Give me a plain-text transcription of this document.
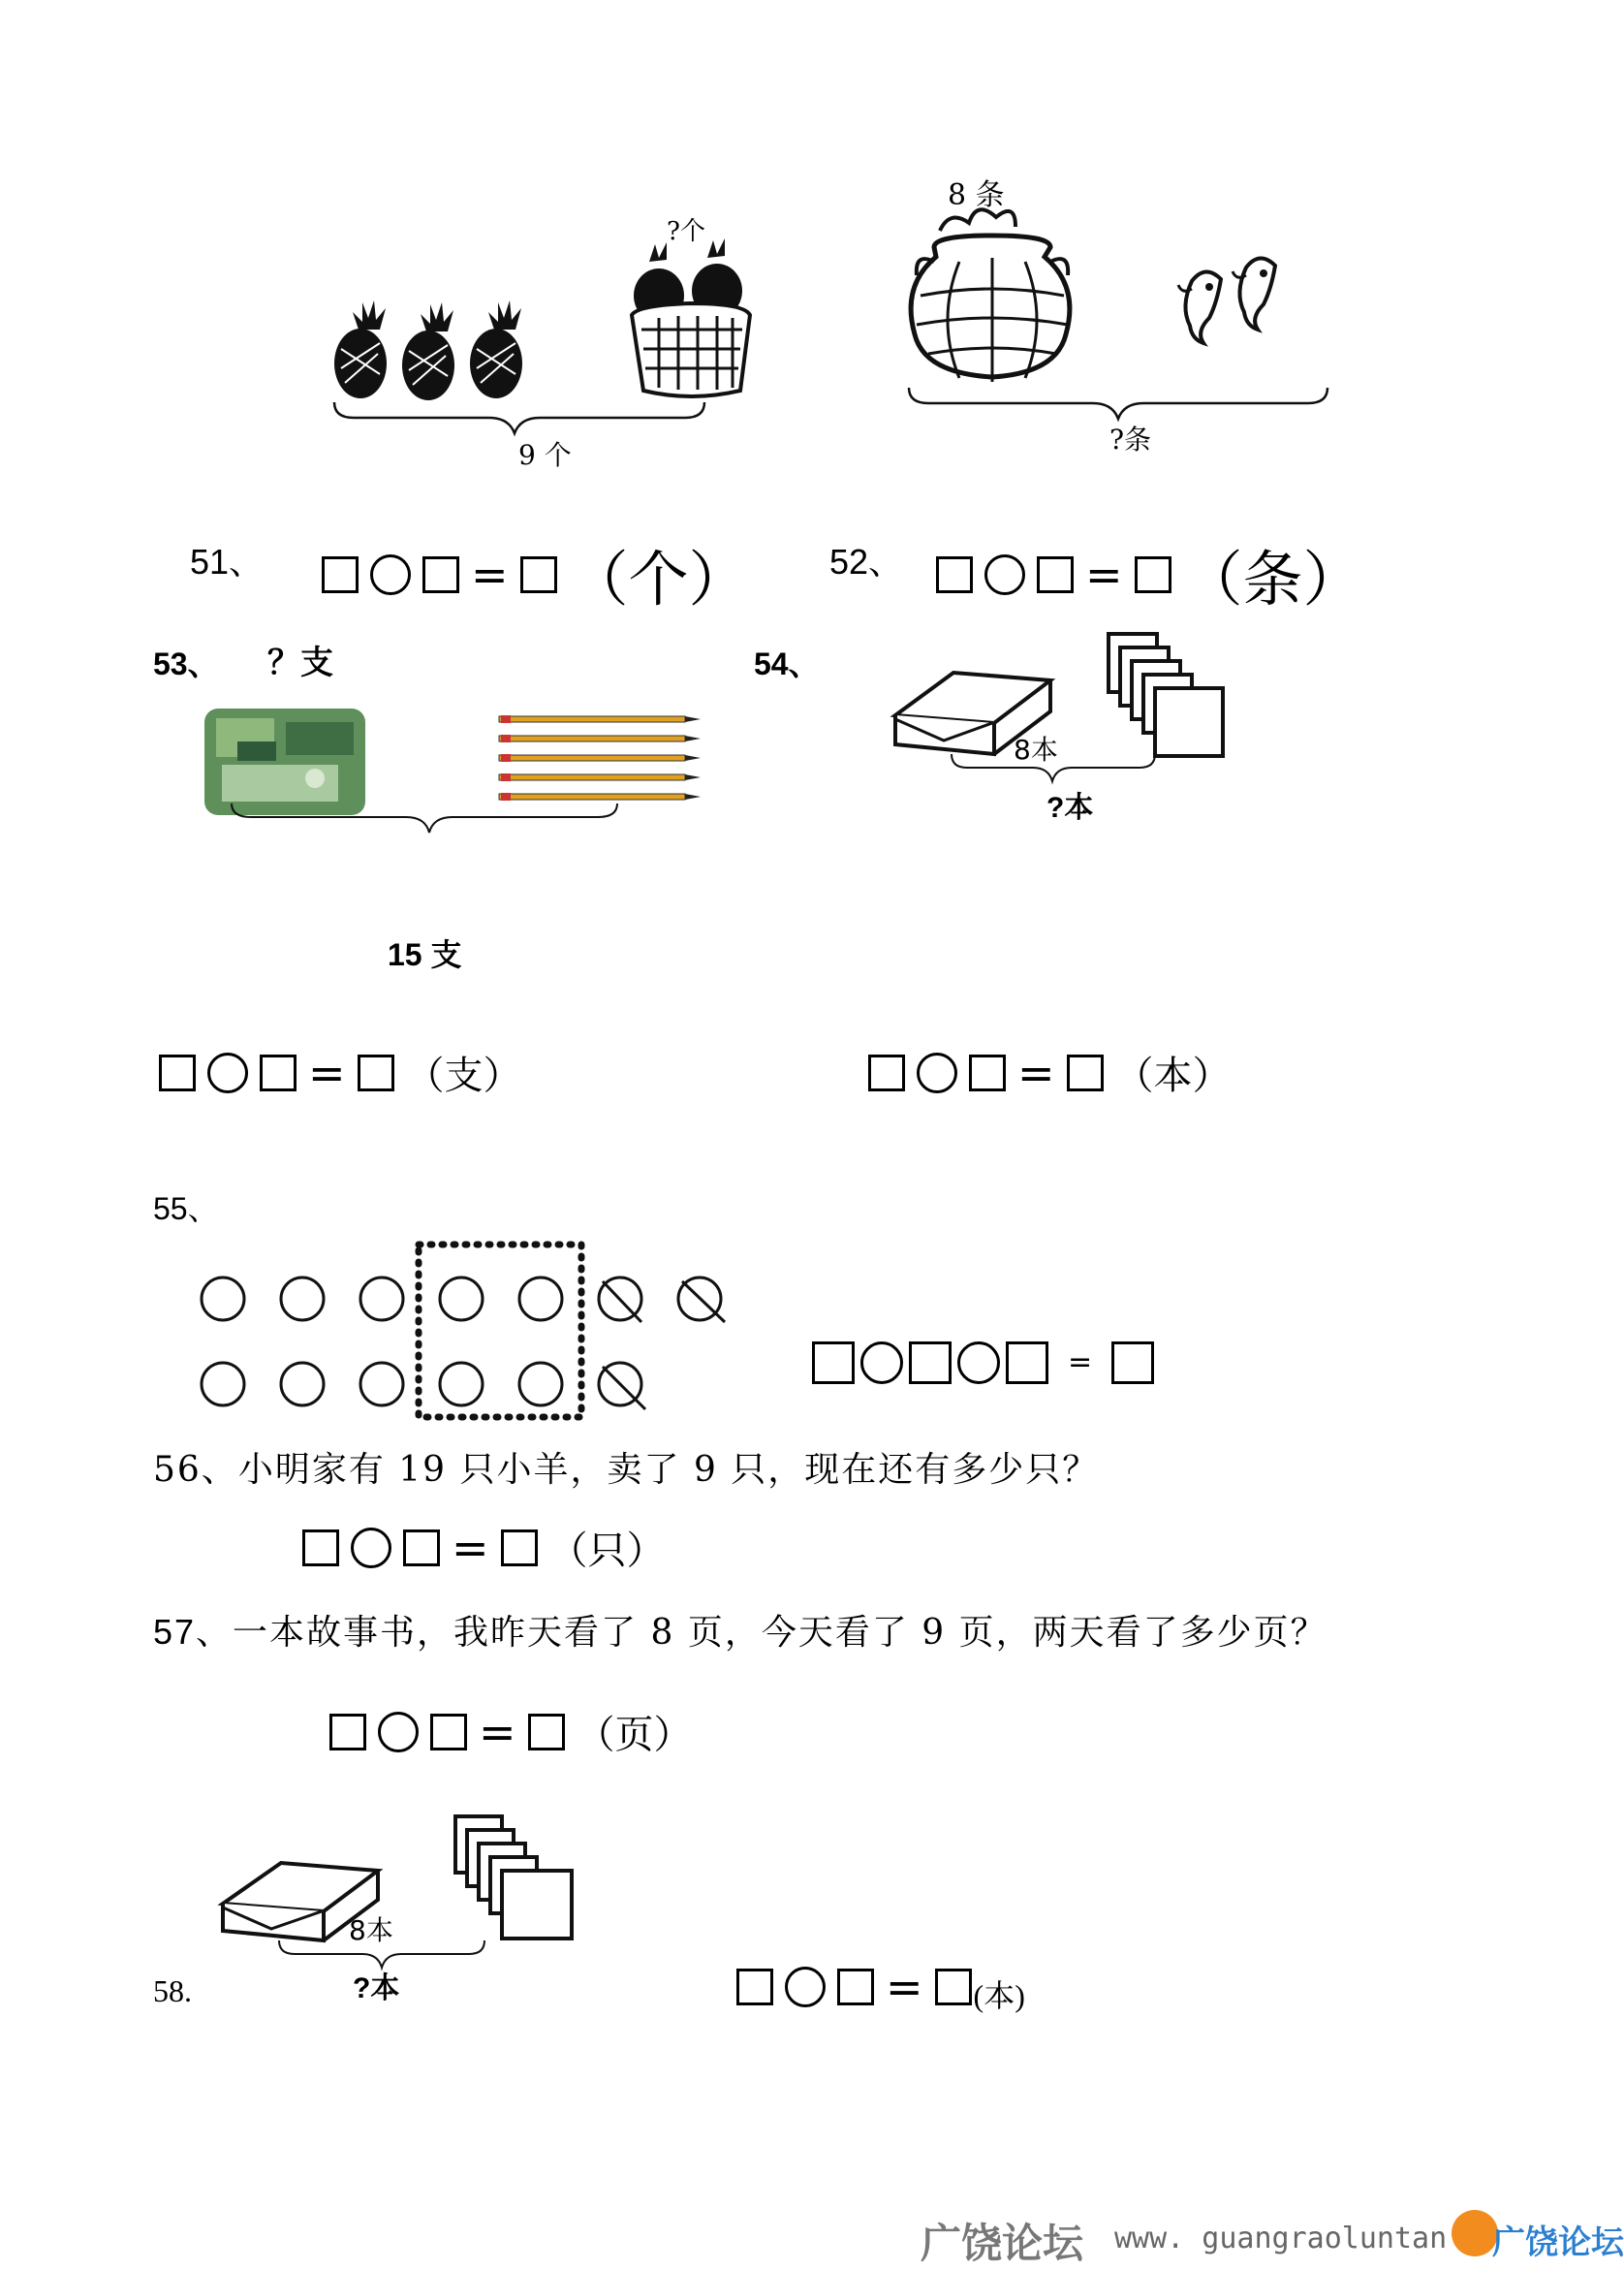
?个
9 个
8 条
?条
51、	= （个） 52、	= （条）
53、 ？支
15 支
= （支）
54、
8本
?本
= （本）
55、
=
56、小明家有 19 只小羊，卖了 9 只，现在还有多少只？
= （只）
57、一本故事书，我昨天看了 8 页，今天看了 9 页，两天看了多少页？
= （页）
8本
?本
58.	= (本)
广饶论坛 www. guangraoluntan 广饶论坛
